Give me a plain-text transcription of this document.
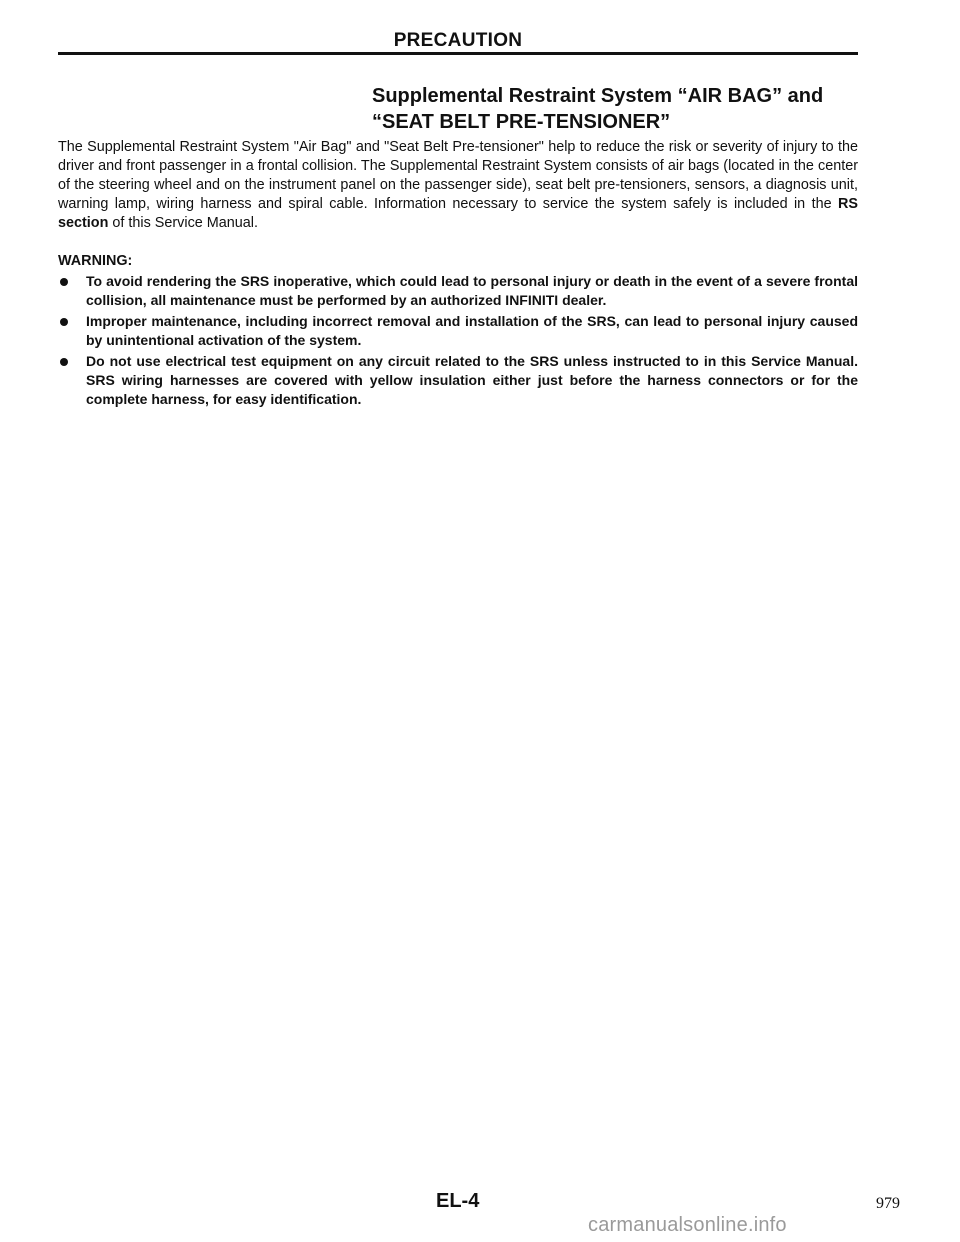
PRECAUTION
Supplemental Restraint System “AIR BAG” and
“SEAT BELT PRE-TENSIONER”

The Supplemental Restraint System "Air Bag" and "Seat Belt Pre-tensioner" help to reduce the risk or severity of injury to the driver and front passenger in a frontal collision. The Supplemental Restraint System consists of air bags (located in the center of the steering wheel and on the instrument panel on the passenger side), seat belt pre-tensioners, sensors, a diagnosis unit, warning lamp, wiring harness and spiral cable. Information necessary to service the system safely is included in the RS section of this Service Manual.

WARNING:
To avoid rendering the SRS inoperative, which could lead to personal injury or death in the event of a severe frontal collision, all maintenance must be performed by an authorized INFINITI dealer.
Improper maintenance, including incorrect removal and installation of the SRS, can lead to personal injury caused by unintentional activation of the system.
Do not use electrical test equipment on any circuit related to the SRS unless instructed to in this Service Manual. SRS wiring harnesses are covered with yellow insulation either just before the harness connectors or for the complete harness, for easy identification.
EL-4	979
carmanualsonline.info
